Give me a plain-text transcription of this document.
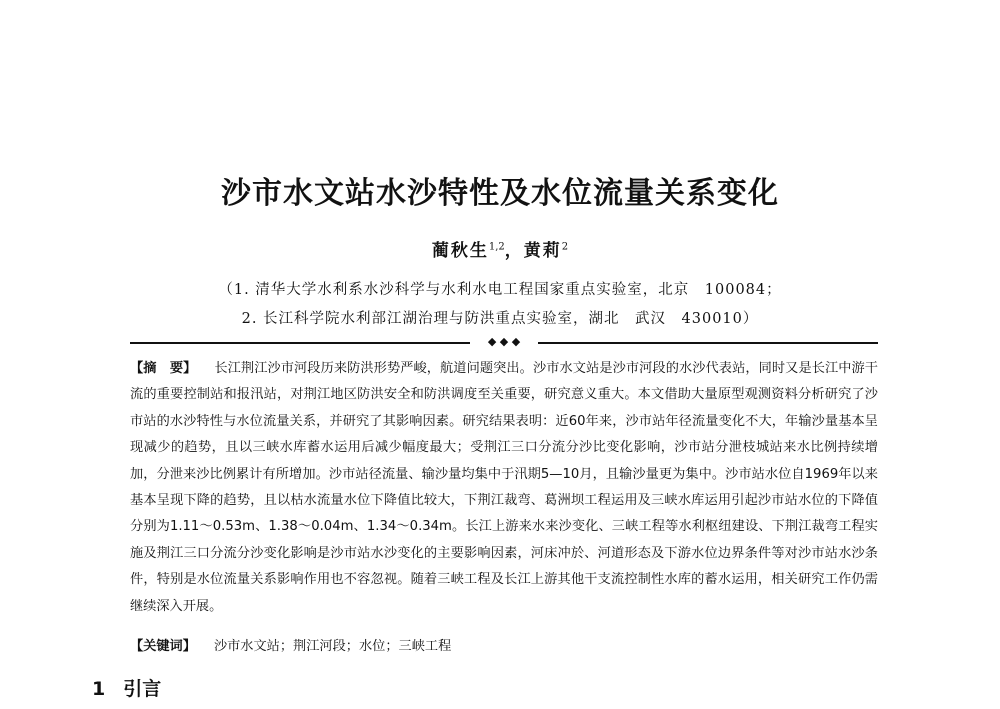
沙市水文站水沙特性及水位流量关系变化
蔺秋生$^{1,2}$，黄莉$^2$
（1. 清华大学水利系水沙科学与水利水电工程国家重点实验室，北京　100084；
2. 长江科学院水利部江湖治理与防洪重点实验室，湖北　武汉　430010）
◆ ◆ ◆
【摘　要】 长江荆江沙市河段历来防洪形势严峻，航道问题突出。沙市水文站是沙市河段的水沙代表站，同时又是长江中游干流的重要控制站和报汛站，对荆江地区防洪安全和防洪调度至关重要，研究意义重大。本文借助大量原型观测资料分析研究了沙市站的水沙特性与水位流量关系，并研究了其影响因素。研究结果表明：近60年来，沙市站年径流量变化不大，年输沙量基本呈现减少的趋势，且以三峡水库蓄水运用后减少幅度最大；受荆江三口分流分沙比变化影响，沙市站分泄枝城站来水比例持续增加，分泄来沙比例累计有所增加。沙市站径流量、输沙量均集中于汛期5—10月，且输沙量更为集中。沙市站水位自1969年以来基本呈现下降的趋势，且以枯水流量水位下降值比较大，下荆江裁弯、葛洲坝工程运用及三峡水库运用引起沙市站水位的下降值分别为1.11～0.53m、1.38～0.04m、1.34～0.34m。长江上游来水来沙变化、三峡工程等水利枢纽建设、下荆江裁弯工程实施及荆江三口分流分沙变化影响是沙市站水沙变化的主要影响因素，河床冲於、河道形态及下游水位边界条件等对沙市站水沙条件，特别是水位流量关系影响作用也不容忽视。随着三峡工程及长江上游其他干支流控制性水库的蓄水运用，相关研究工作仍需继续深入开展。
【关键词】 沙市水文站；荆江河段；水位；三峡工程
1 引言
